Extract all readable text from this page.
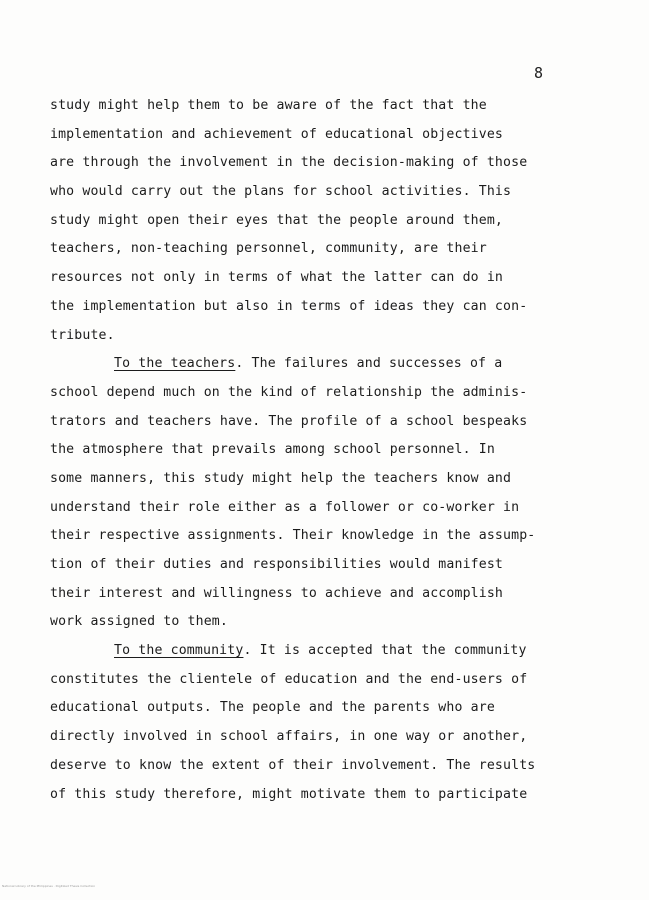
8
study might help them to be aware of the fact that the
implementation and achievement of educational objectives
are through the involvement in the decision-making of those
who would carry out the plans for school activities. This
study might open their eyes that the people around them,
teachers, non-teaching personnel, community, are their
resources not only in terms of what the latter can do in
the implementation but also in terms of ideas they can con-
tribute.
To the teachers. The failures and successes of a
school depend much on the kind of relationship the adminis-
trators and teachers have. The profile of a school bespeaks
the atmosphere that prevails among school personnel. In
some manners, this study might help the teachers know and
understand their role either as a follower or co-worker in
their respective assignments. Their knowledge in the assump-
tion of their duties and responsibilities would manifest
their interest and willingness to achieve and accomplish
work assigned to them.
To the community. It is accepted that the community
constitutes the clientele of education and the end-users of
educational outputs. The people and the parents who are
directly involved in school affairs, in one way or another,
deserve to know the extent of their involvement. The results
of this study therefore, might motivate them to participate
National Library of the Philippines · Digitized Thesis Collection
